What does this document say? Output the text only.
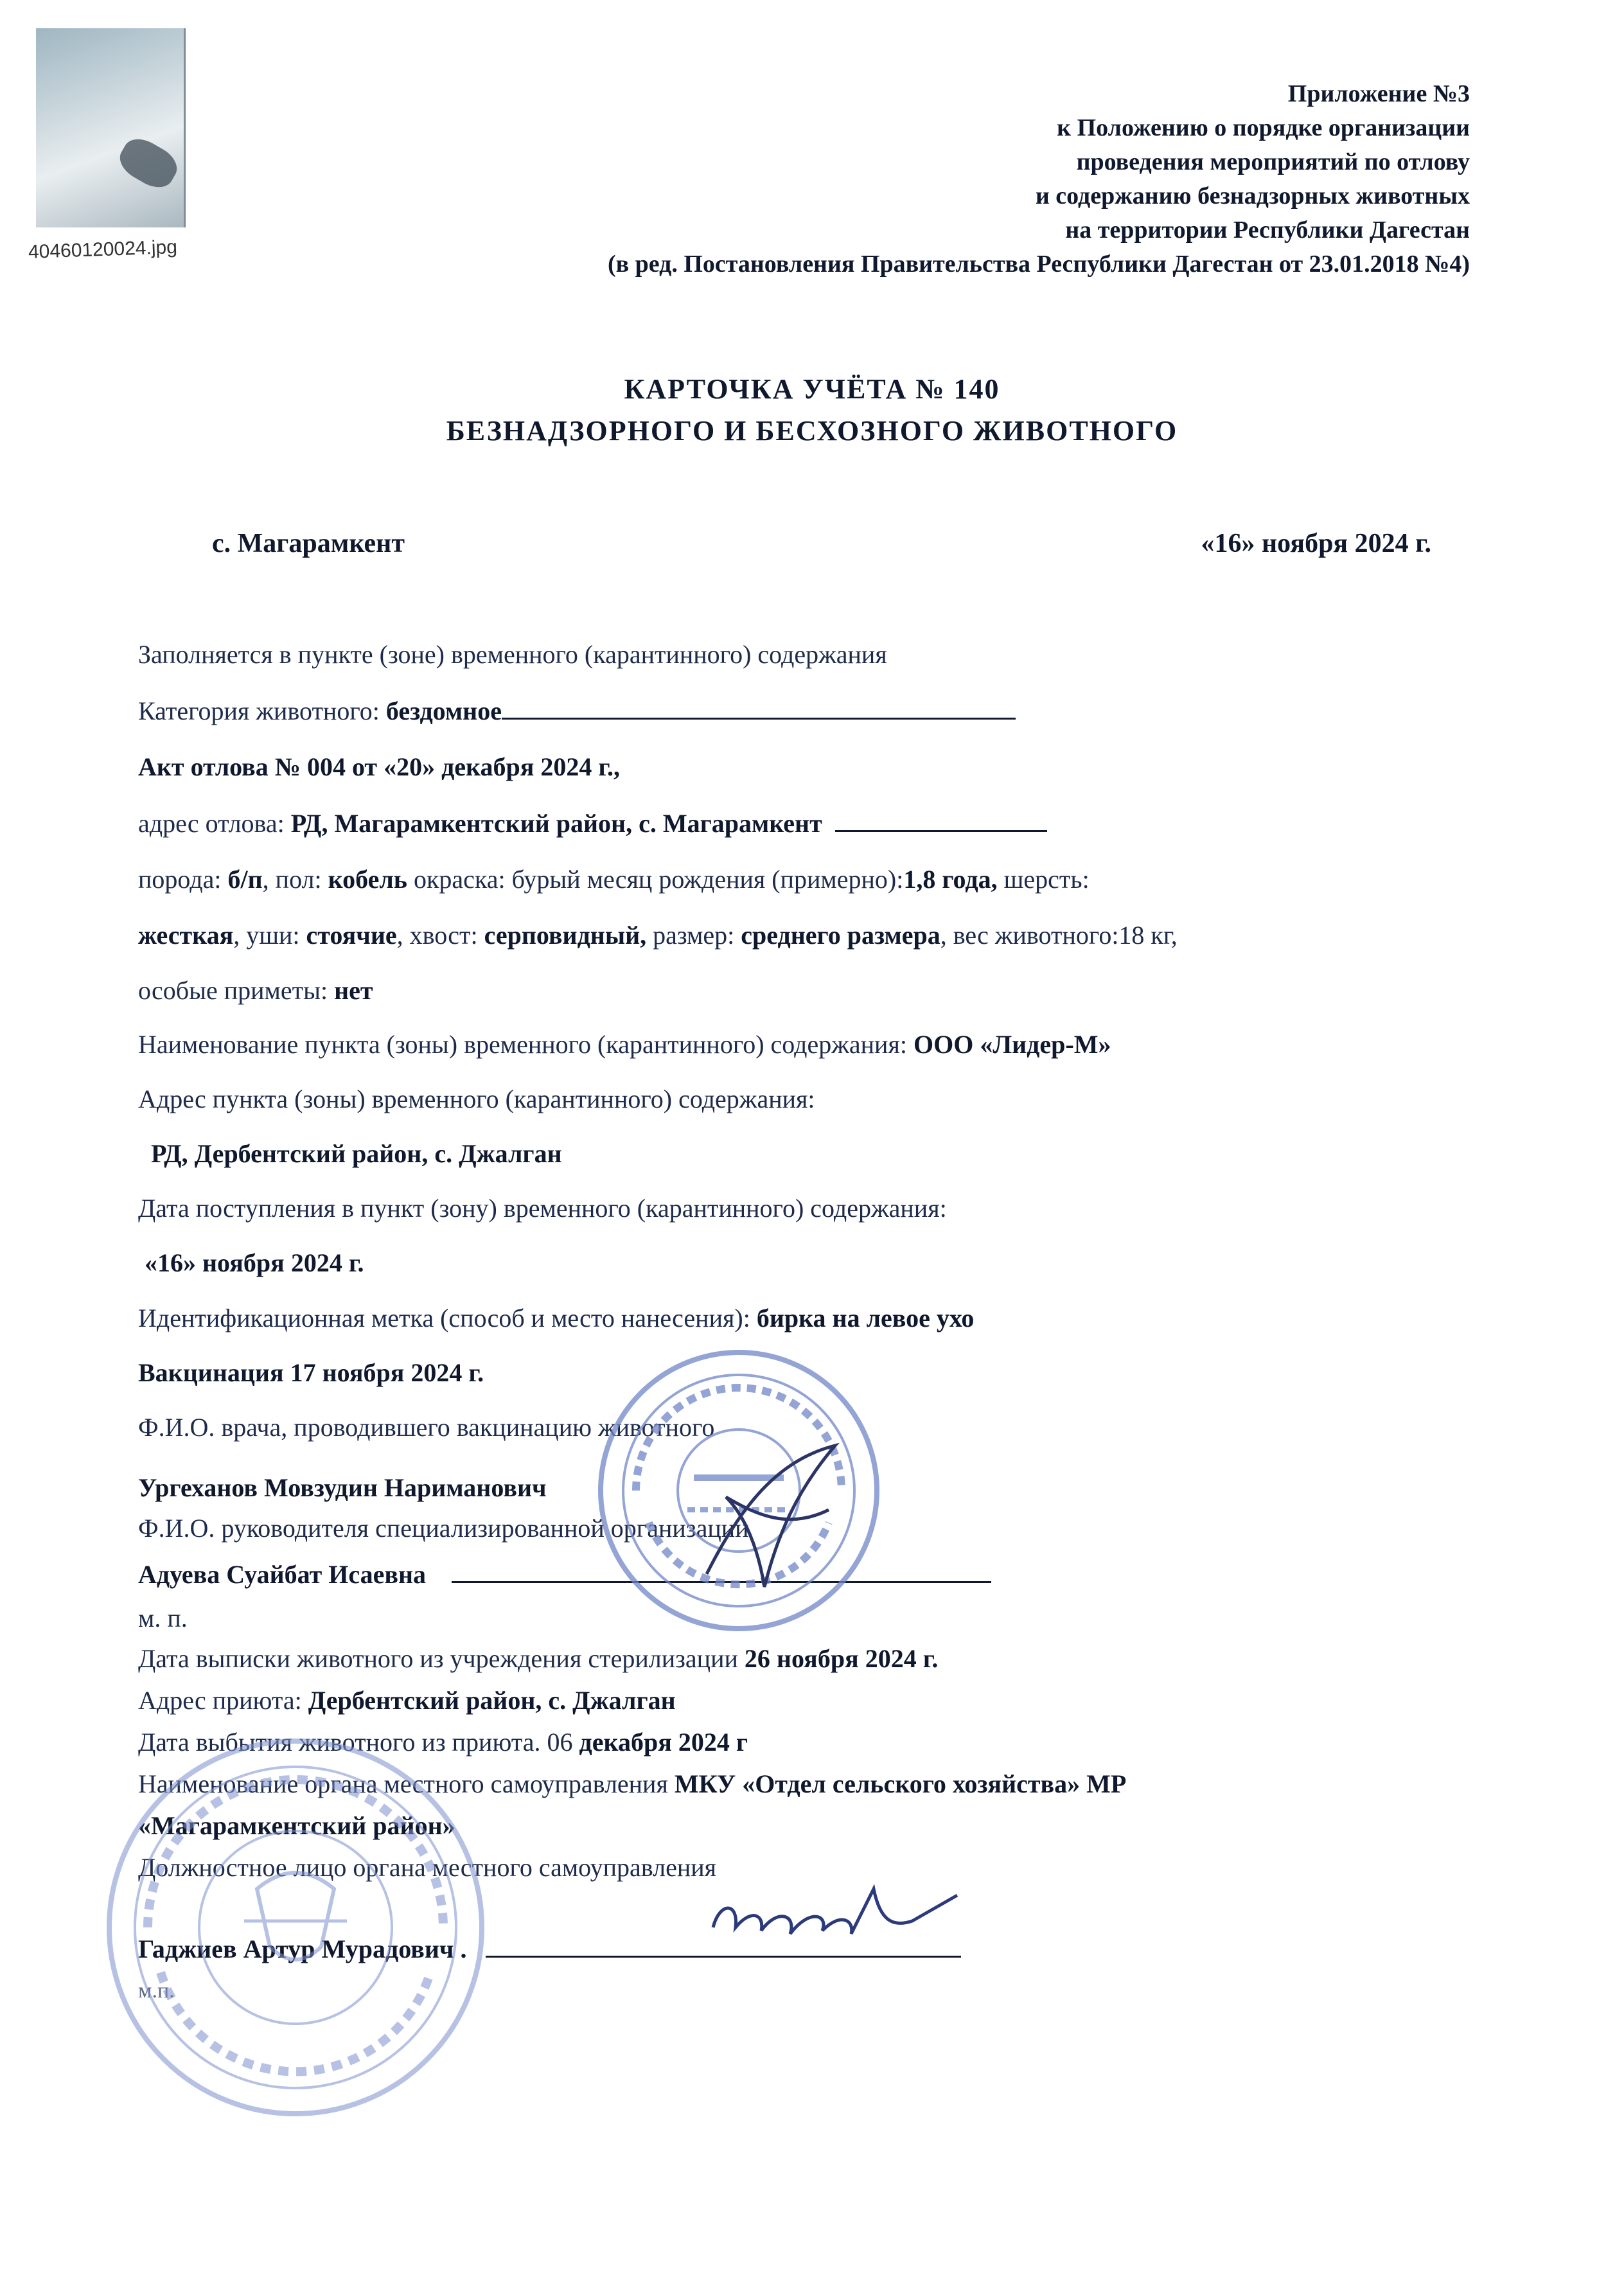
40460120024.jpg
Приложение №3
к Положению о порядке организации
проведения мероприятий по отлову
и содержанию безнадзорных животных
на территории Республики Дагестан
(в ред. Постановления Правительства Республики Дагестан от 23.01.2018 №4)
КАРТОЧКА УЧЁТА № 140
БЕЗНАДЗОРНОГО И БЕСХОЗНОГО ЖИВОТНОГО
с. Магарамкент	«16» ноября 2024 г.
Заполняется в пункте (зоне) временного (карантинного) содержания
Категория животного: бездомное
Акт отлова № 004 от «20» декабря 2024 г.,
адрес отлова: РД, Магарамкентский район, с. Магарамкент
порода: б/п, пол: кобель окраска: бурый месяц рождения (примерно):1,8 года, шерсть:
жесткая, уши: стоячие, хвост: серповидный, размер: среднего размера, вес животного:18 кг,
особые приметы: нет
Наименование пункта (зоны) временного (карантинного) содержания: ООО «Лидер-М»
Адрес пункта (зоны) временного (карантинного) содержания:
РД, Дербентский район, с. Джалган
Дата поступления в пункт (зону) временного (карантинного) содержания:
«16» ноября 2024 г.
Идентификационная метка (способ и место нанесения): бирка на левое ухо
Вакцинация 17 ноября 2024 г.
Ф.И.О. врача, проводившего вакцинацию животного
Ургеханов Мовзудин Нариманович
Ф.И.О. руководителя специализированной организации
Адуева Суайбат Исаевна
м. п.
Дата выписки животного из учреждения стерилизации 26 ноября 2024 г.
Адрес приюта: Дербентский район, с. Джалган
Дата выбытия животного из приюта. 06 декабря 2024 г
Наименование органа местного самоуправления МКУ «Отдел сельского хозяйства» МР
«Магарамкентский район»
Должностное лицо органа местного самоуправления
Гаджиев Артур Мурадович .
м.п.
